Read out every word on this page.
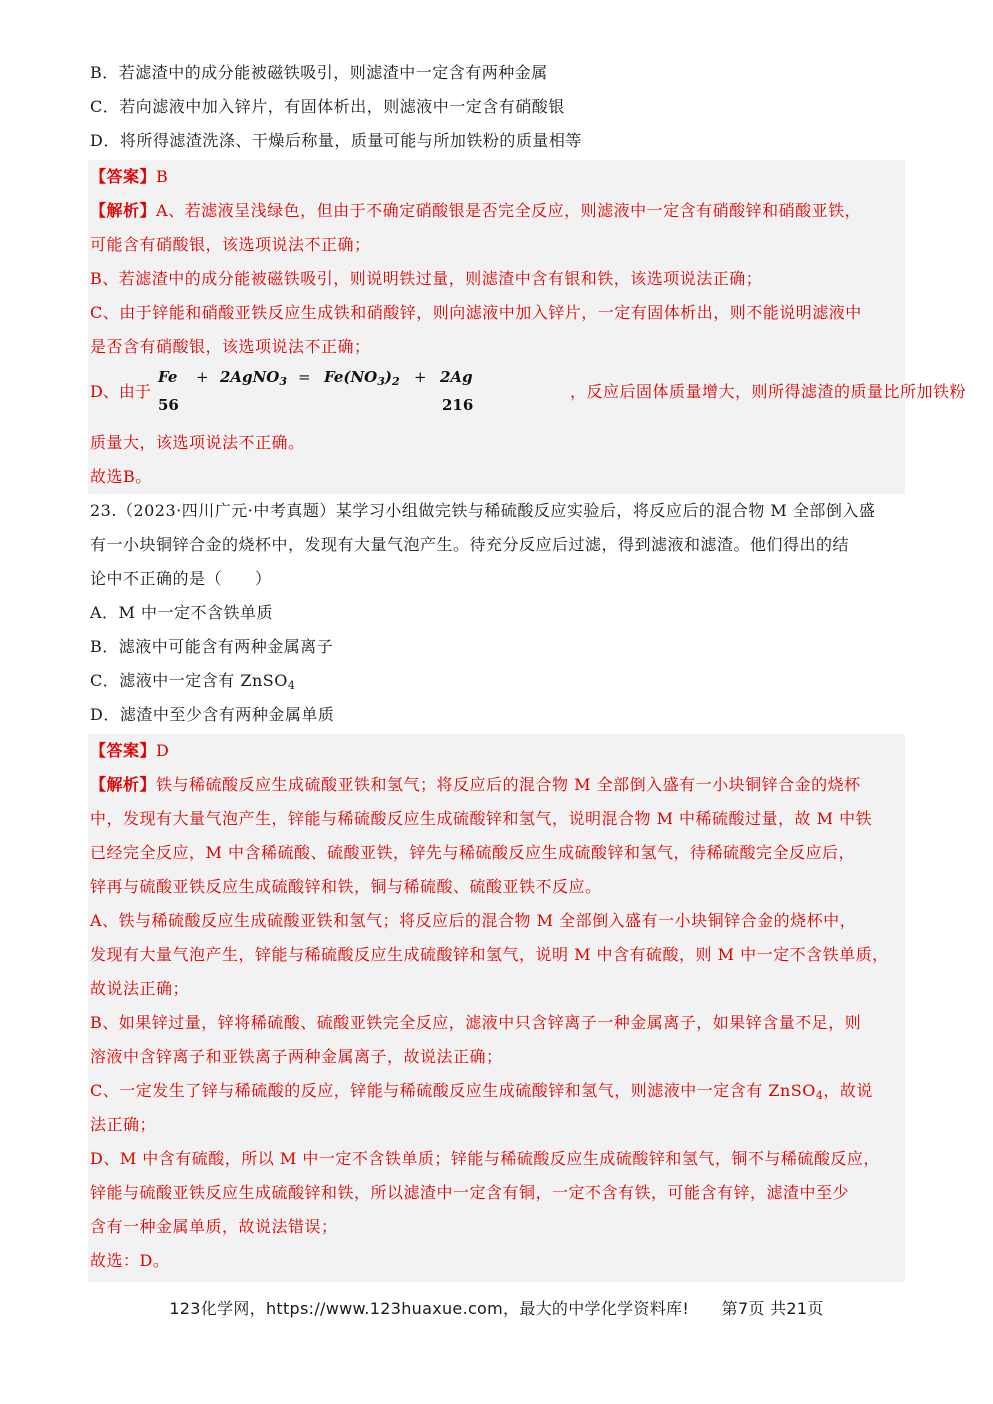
B．若滤渣中的成分能被磁铁吸引，则滤渣中一定含有两种金属
C．若向滤液中加入锌片，有固体析出，则滤液中一定含有硝酸银
D．将所得滤渣洗涤、干燥后称量，质量可能与所加铁粉的质量相等
【答案】B
【解析】A、若滤液呈浅绿色，但由于不确定硝酸银是否完全反应，则滤液中一定含有硝酸锌和硝酸亚铁，
可能含有硝酸银，该选项说法不正确；
B、若滤渣中的成分能被磁铁吸引，则说明铁过量，则滤渣中含有银和铁，该选项说法正确；
C、由于锌能和硝酸亚铁反应生成铁和硝酸锌，则向滤液中加入锌片，一定有固体析出，则不能说明滤液中
是否含有硝酸银，该选项说法不正确；
D、由于
Fe + 2AgNO$_3$ = $Fe(NO_3)_2 + 2Ag$
56	216
，反应后固体质量增大，则所得滤渣的质量比所加铁粉
质量大，该选项说法不正确。
故选B。
23.（2023·四川广元·中考真题）某学习小组做完铁与稀硫酸反应实验后，将反应后的混合物 M 全部倒入盛
有一小块铜锌合金的烧杯中，发现有大量气泡产生。待充分反应后过滤，得到滤液和滤渣。他们得出的结
论中不正确的是（　　）
A．M 中一定不含铁单质
B．滤液中可能含有两种金属离子
C．滤液中一定含有 ZnSO$_4$
D．滤渣中至少含有两种金属单质
【答案】D
【解析】铁与稀硫酸反应生成硫酸亚铁和氢气；将反应后的混合物 M 全部倒入盛有一小块铜锌合金的烧杯
中，发现有大量气泡产生，锌能与稀硫酸反应生成硫酸锌和氢气，说明混合物 M 中稀硫酸过量，故 M 中铁
已经完全反应，M 中含稀硫酸、硫酸亚铁，锌先与稀硫酸反应生成硫酸锌和氢气，待稀硫酸完全反应后，
锌再与硫酸亚铁反应生成硫酸锌和铁，铜与稀硫酸、硫酸亚铁不反应。
A、铁与稀硫酸反应生成硫酸亚铁和氢气；将反应后的混合物 M 全部倒入盛有一小块铜锌合金的烧杯中，
发现有大量气泡产生，锌能与稀硫酸反应生成硫酸锌和氢气，说明 M 中含有硫酸，则 M 中一定不含铁单质，
故说法正确；
B、如果锌过量，锌将稀硫酸、硫酸亚铁完全反应，滤液中只含锌离子一种金属离子，如果锌含量不足，则
溶液中含锌离子和亚铁离子两种金属离子，故说法正确；
C、一定发生了锌与稀硫酸的反应，锌能与稀硫酸反应生成硫酸锌和氢气，则滤液中一定含有 ZnSO$_4$，故说
法正确；
D、M 中含有硫酸，所以 M 中一定不含铁单质；锌能与稀硫酸反应生成硫酸锌和氢气，铜不与稀硫酸反应，
锌能与硫酸亚铁反应生成硫酸锌和铁，所以滤渣中一定含有铜，一定不含有铁，可能含有锌，滤渣中至少
含有一种金属单质，故说法错误；
故选：D。
123化学网，https://www.123huaxue.com，最大的中学化学资料库!　　第7页 共21页
